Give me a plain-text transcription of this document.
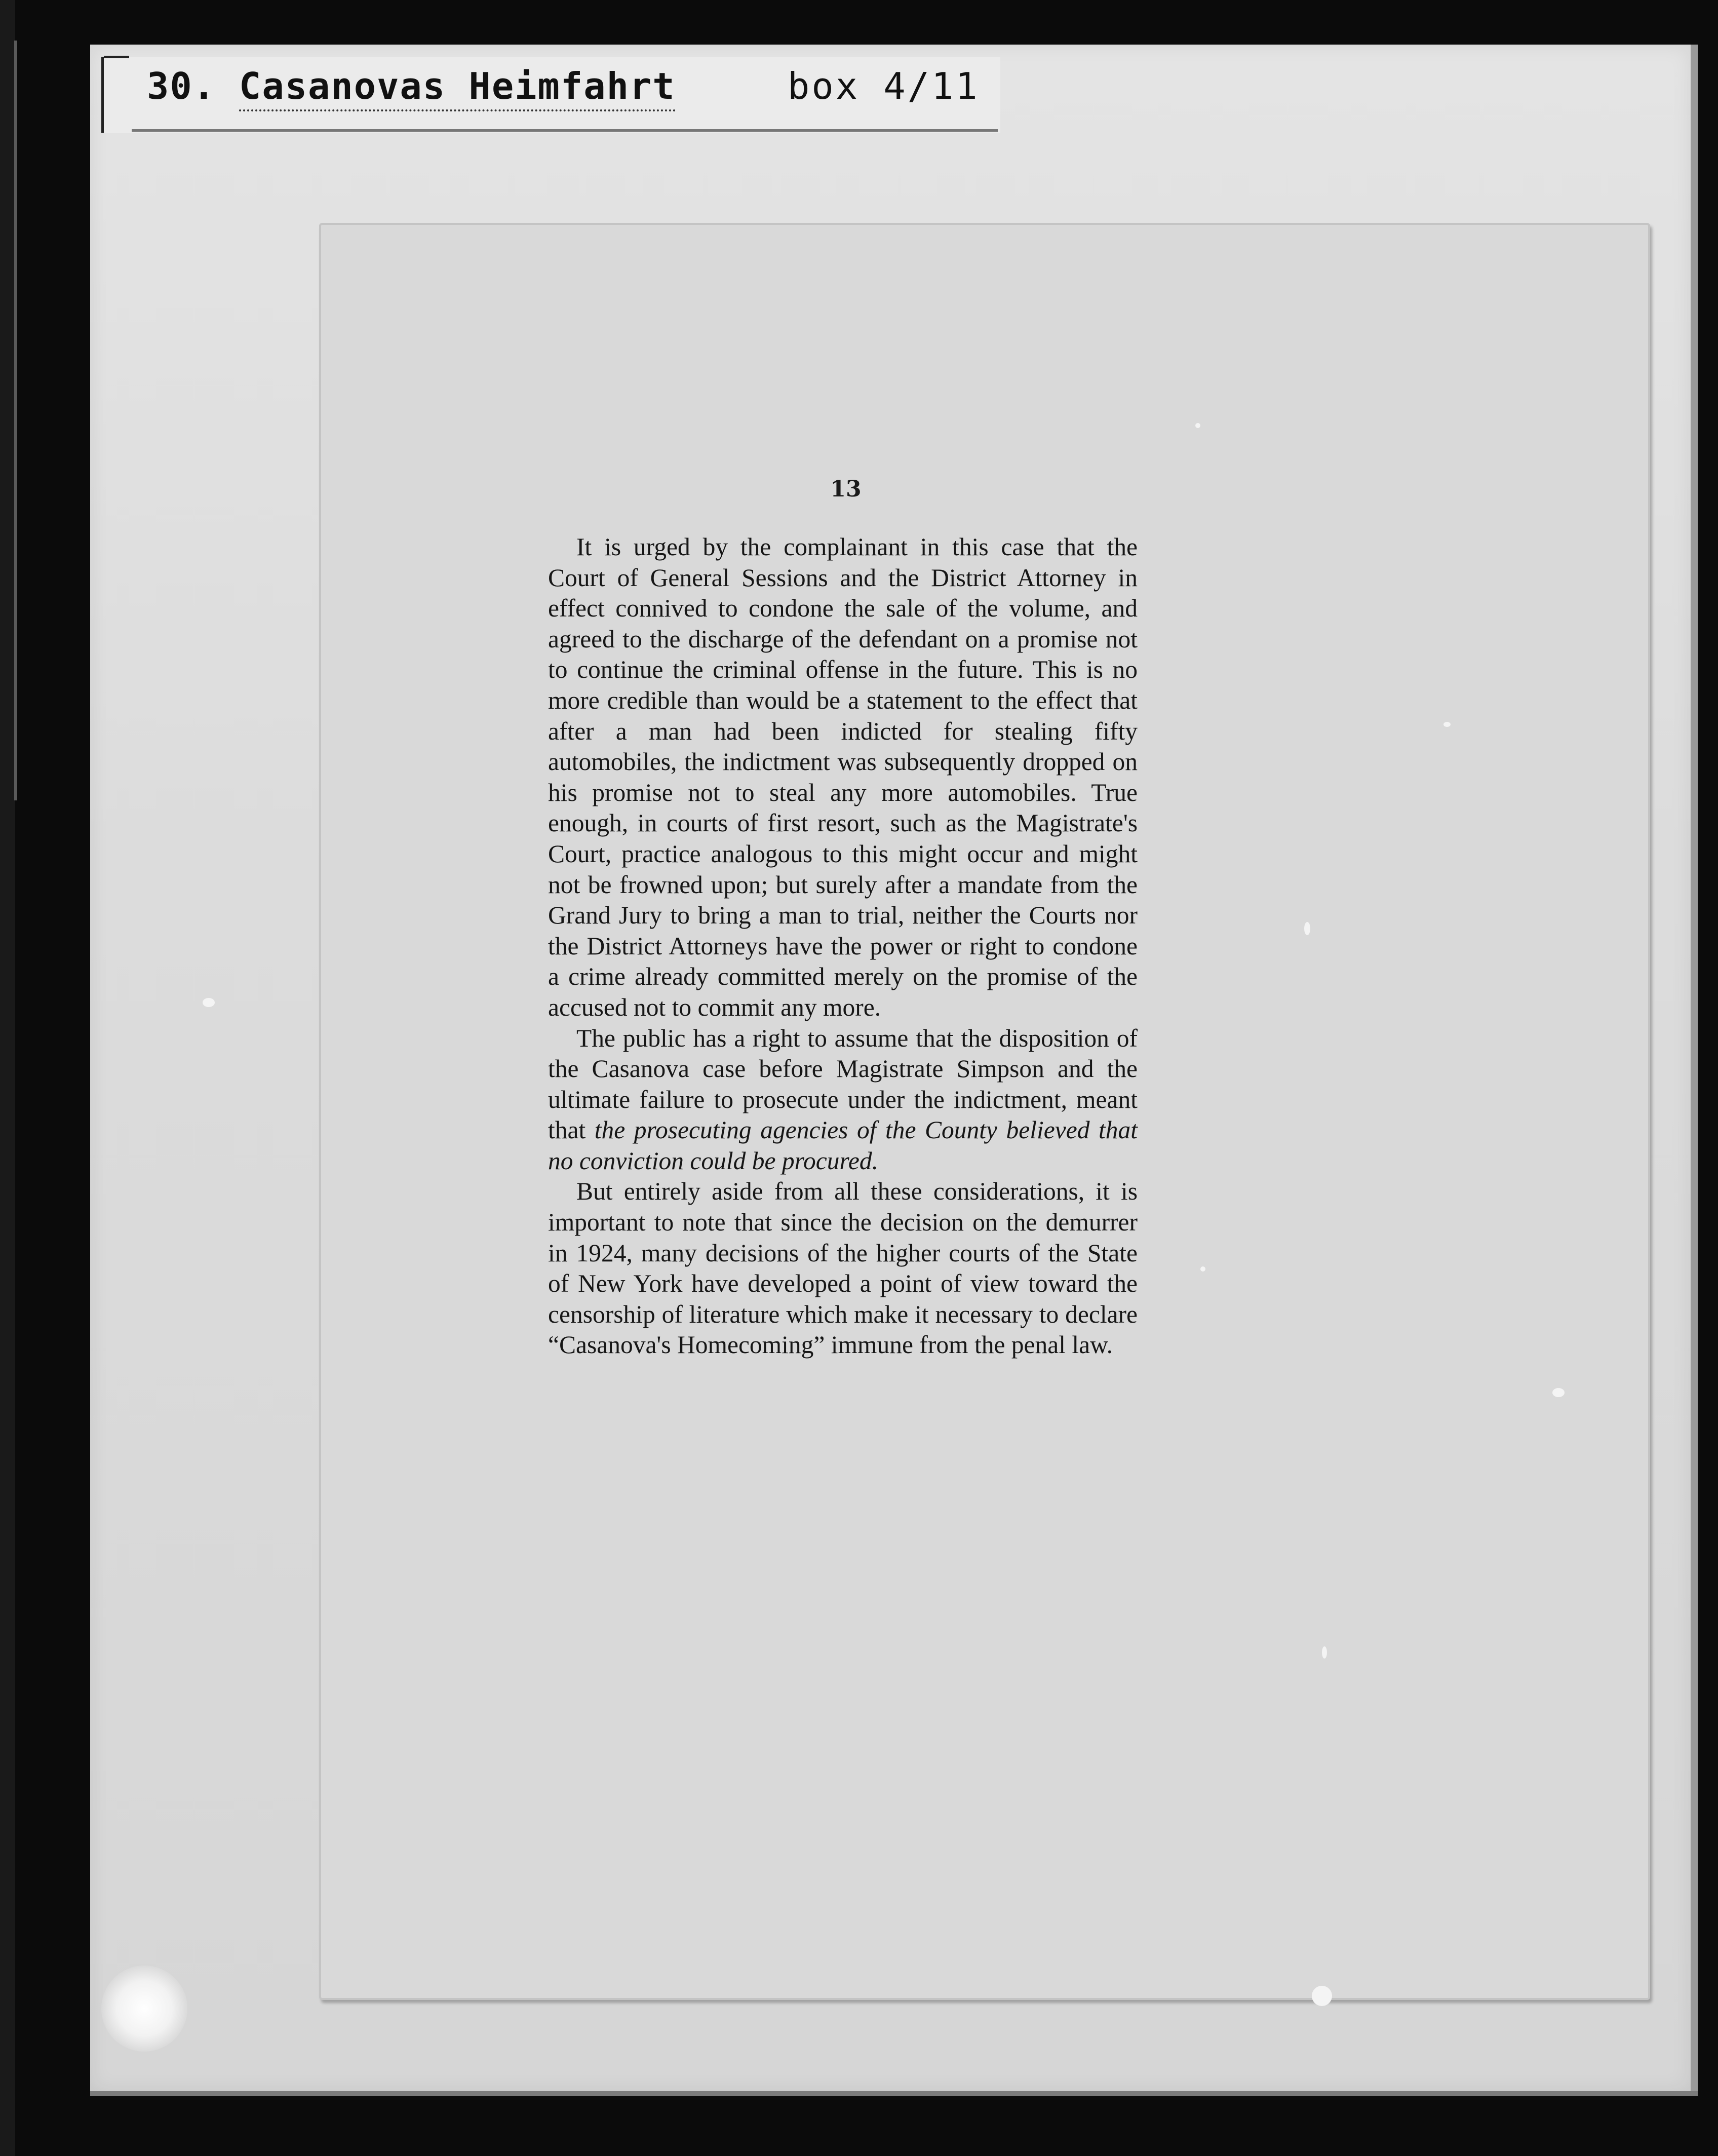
30. Casanovas Heimfahrt	box 4/11
13

It is urged by the complainant in this case that the Court of General Sessions and the District Attorney in effect connived to condone the sale of the volume, and agreed to the discharge of the defendant on a promise not to continue the criminal offense in the future. This is no more credible than would be a statement to the effect that after a man had been indicted for stealing fifty automobiles, the indictment was subsequently dropped on his promise not to steal any more automobiles. True enough, in courts of first resort, such as the Magistrate's Court, practice analogous to this might occur and might not be frowned upon; but surely after a mandate from the Grand Jury to bring a man to trial, neither the Courts nor the District Attorneys have the power or right to condone a crime already committed merely on the promise of the accused not to commit any more.

The public has a right to assume that the disposition of the Casanova case before Magistrate Simpson and the ultimate failure to prosecute under the indictment, meant that the prosecuting agencies of the County believed that no conviction could be procured.

But entirely aside from all these considerations, it is important to note that since the decision on the demurrer in 1924, many decisions of the higher courts of the State of New York have developed a point of view toward the censorship of literature which make it necessary to declare “Casanova's Homecoming” immune from the penal law.
